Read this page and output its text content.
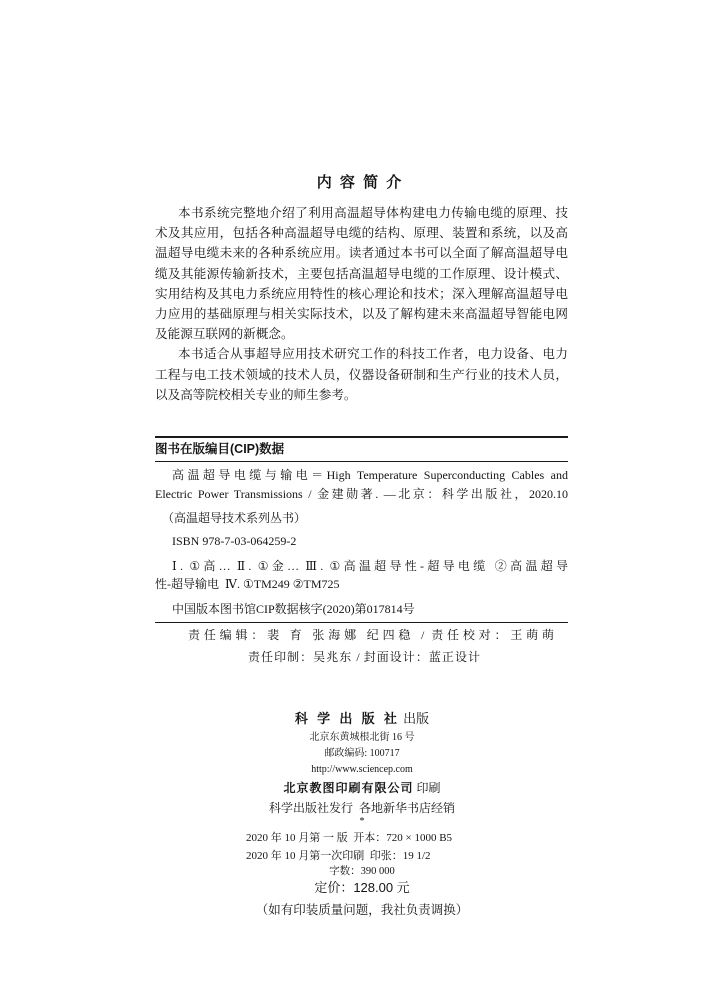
内 容 简 介
本书系统完整地介绍了利用高温超导体构建电力传输电缆的原理、技
术及其应用，包括各种高温超导电缆的结构、原理、装置和系统，以及高
温超导电缆未来的各种系统应用。读者通过本书可以全面了解高温超导电
缆及其能源传输新技术，主要包括高温超导电缆的工作原理、设计模式、
实用结构及其电力系统应用特性的核心理论和技术；深入理解高温超导电
力应用的基础原理与相关实际技术，以及了解构建未来高温超导智能电网
及能源互联网的新概念。
本书适合从事超导应用技术研究工作的科技工作者，电力设备、电力
工程与电工技术领域的技术人员，仪器设备研制和生产行业的技术人员，
以及高等院校相关专业的师生参考。
图书在版编目(CIP)数据
高温超导电缆与输电＝High Temperature Superconducting Cables and
Electric Power Transmissions / 金建勋著. —北京：科学出版社，2020.10
（高温超导技术系列丛书）
ISBN 978-7-03-064259-2
Ⅰ. ①高… Ⅱ. ①金… Ⅲ. ①高温超导性-超导电缆 ②高温超导
性-超导输电  Ⅳ. ①TM249 ②TM725
中国版本图书馆CIP数据核字(2020)第017814号
责任编辑：裴 育 张海娜 纪四稳 / 责任校对：王萌萌
责任印制：吴兆东 / 封面设计：蓝正设计
科 学 出 版 社 出版
北京东黄城根北街 16 号
邮政编码: 100717
http://www.sciencep.com
北京教图印刷有限公司 印刷
科学出版社发行  各地新华书店经销
*
2020 年 10 月第 一 版  开本：720 × 1000 B5
2020 年 10 月第一次印刷  印张：19 1/2
字数：390 000
定价：128.00 元
（如有印装质量问题，我社负责调换）
